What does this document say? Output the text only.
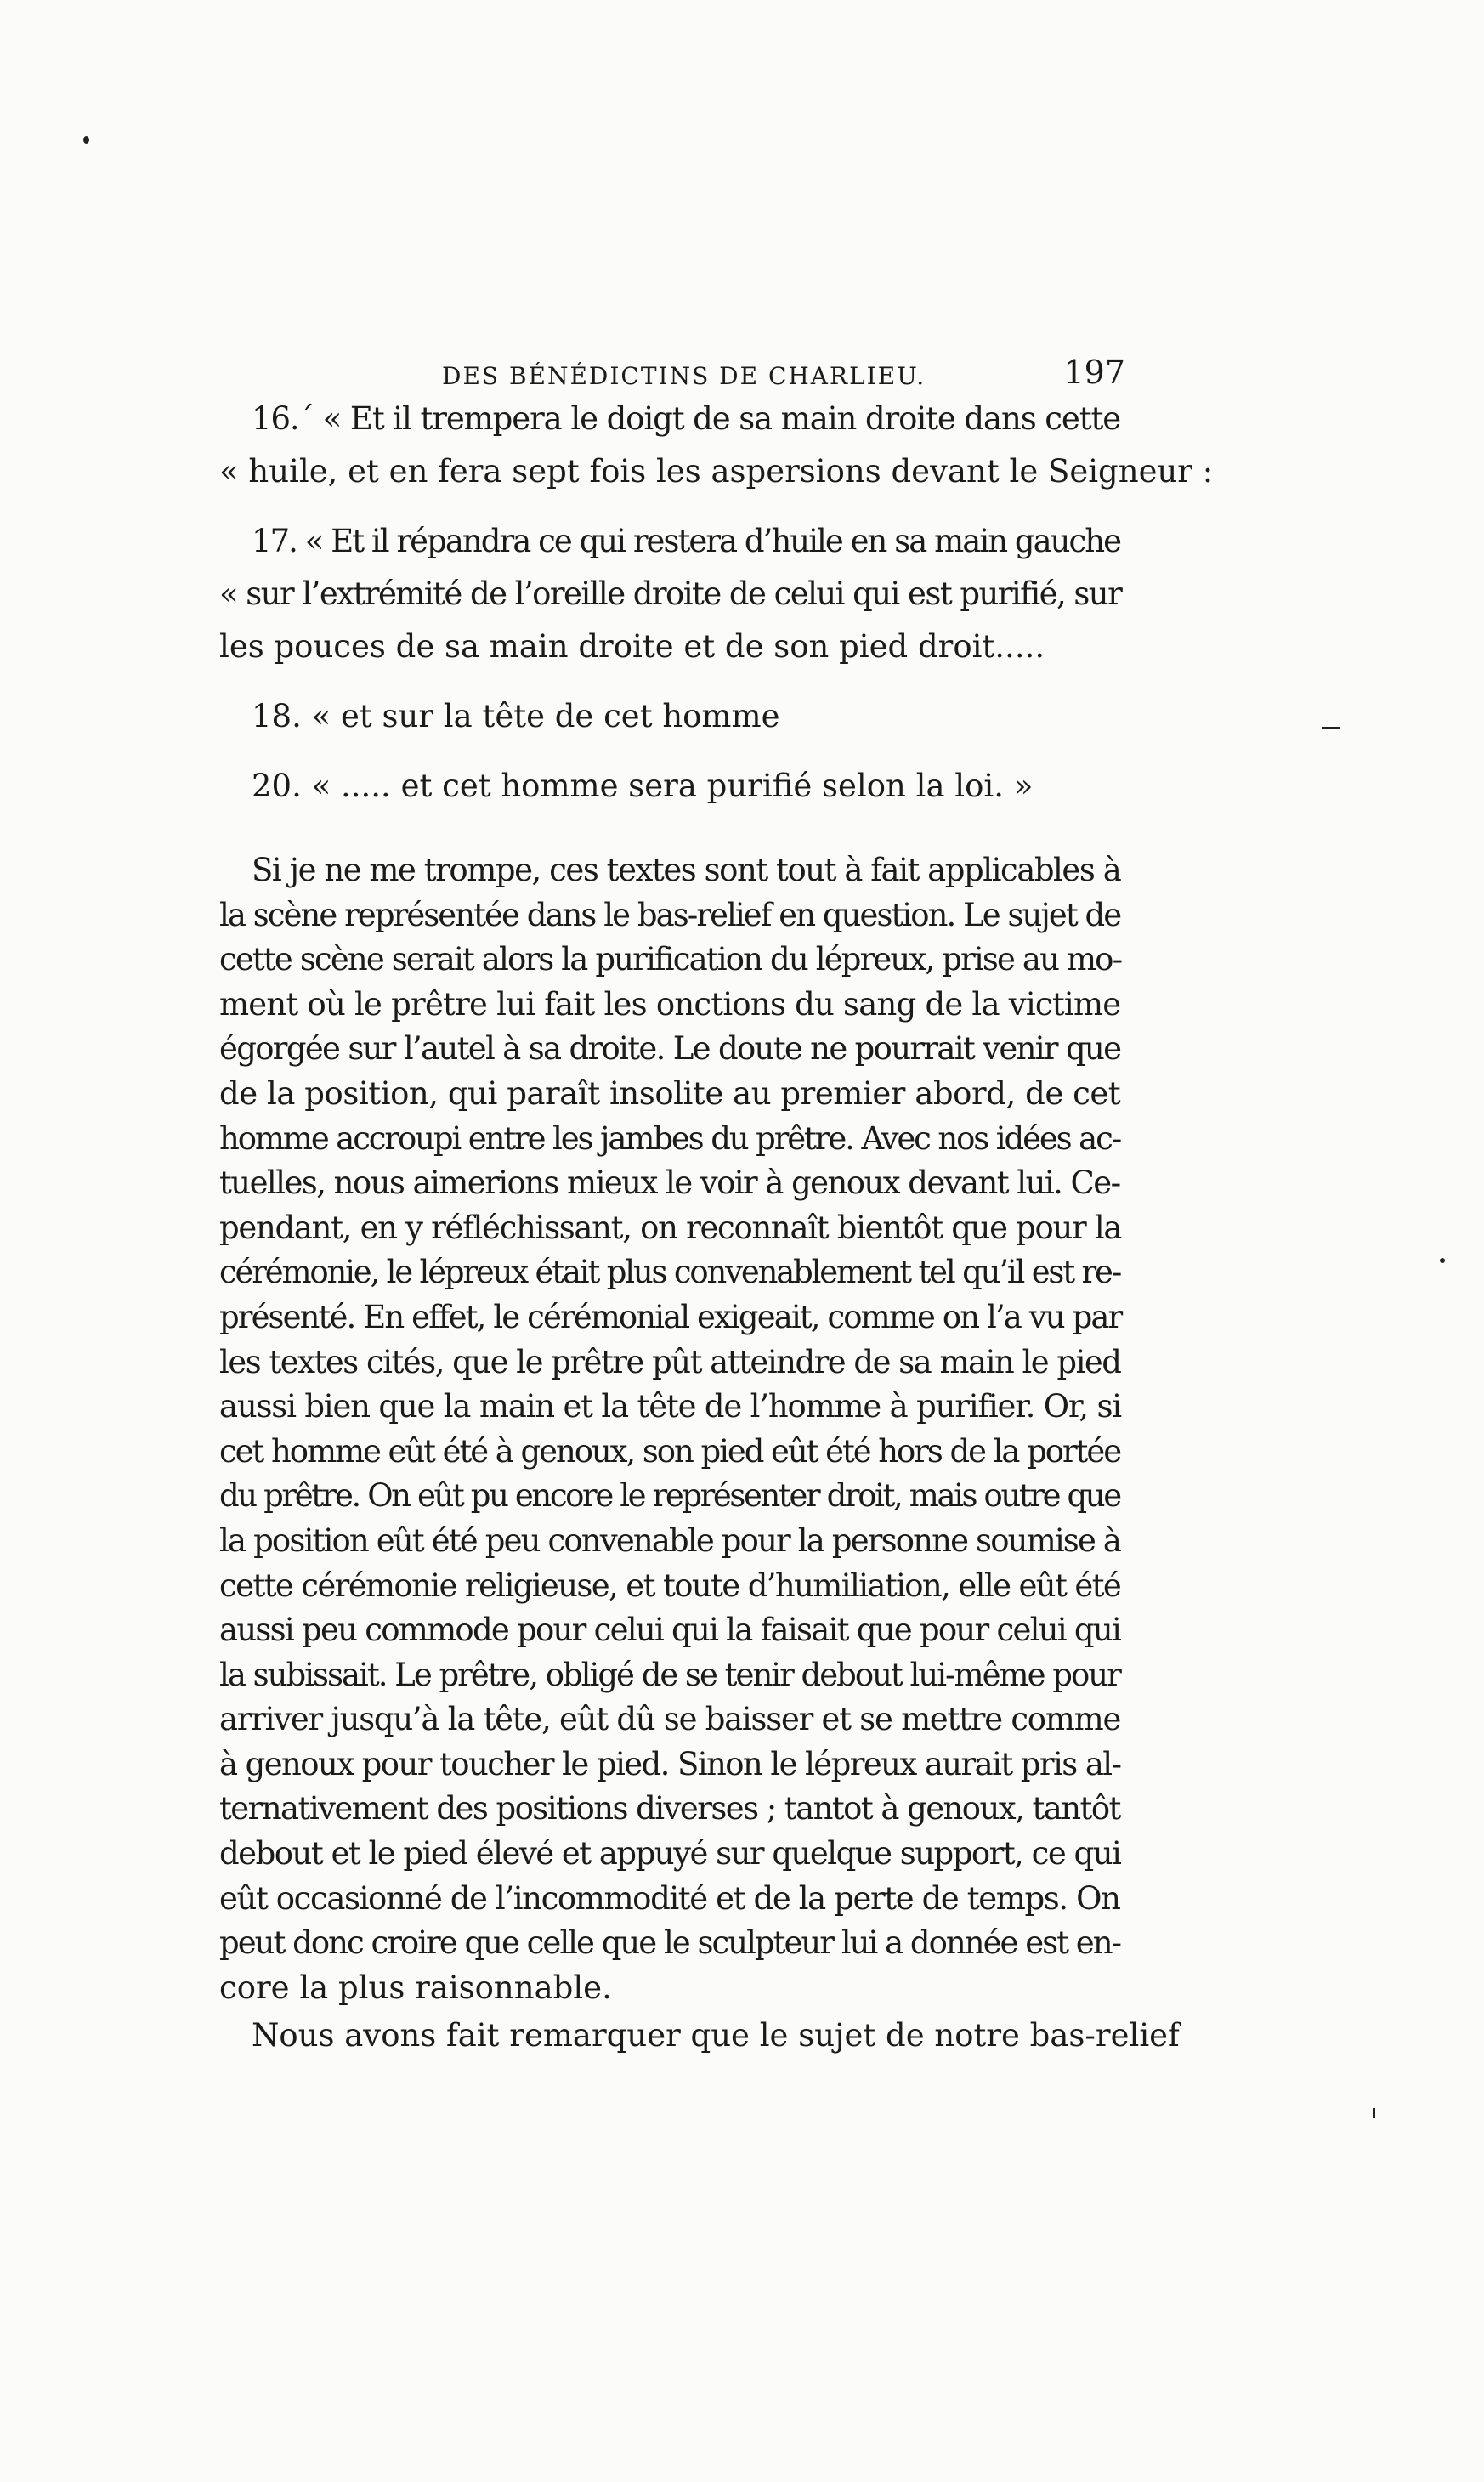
DES BÉNÉDICTINS DE CHARLIEU.	197
16.´ « Et il trempera le doigt de sa main droite dans cette
« huile, et en fera sept fois les aspersions devant le Seigneur :
17. « Et il répandra ce qui restera d’huile en sa main gauche
« sur l’extrémité de l’oreille droite de celui qui est purifié, sur
les pouces de sa main droite et de son pied droit.....
18. « et sur la tête de cet homme
20. « ..... et cet homme sera purifié selon la loi. »
Si je ne me trompe, ces textes sont tout à fait applicables à
la scène représentée dans le bas-relief en question. Le sujet de
cette scène serait alors la purification du lépreux, prise au mo-
ment où le prêtre lui fait les onctions du sang de la victime
égorgée sur l’autel à sa droite. Le doute ne pourrait venir que
de la position, qui paraît insolite au premier abord, de cet
homme accroupi entre les jambes du prêtre. Avec nos idées ac-
tuelles, nous aimerions mieux le voir à genoux devant lui. Ce-
pendant, en y réfléchissant, on reconnaît bientôt que pour la
cérémonie, le lépreux était plus convenablement tel qu’il est re-
présenté. En effet, le cérémonial exigeait, comme on l’a vu par
les textes cités, que le prêtre pût atteindre de sa main le pied
aussi bien que la main et la tête de l’homme à purifier. Or, si
cet homme eût été à genoux, son pied eût été hors de la portée
du prêtre. On eût pu encore le représenter droit, mais outre que
la position eût été peu convenable pour la personne soumise à
cette cérémonie religieuse, et toute d’humiliation, elle eût été
aussi peu commode pour celui qui la faisait que pour celui qui
la subissait. Le prêtre, obligé de se tenir debout lui-même pour
arriver jusqu’à la tête, eût dû se baisser et se mettre comme
à genoux pour toucher le pied. Sinon le lépreux aurait pris al-
ternativement des positions diverses ; tantot à genoux, tantôt
debout et le pied élevé et appuyé sur quelque support, ce qui
eût occasionné de l’incommodité et de la perte de temps. On
peut donc croire que celle que le sculpteur lui a donnée est en-
core la plus raisonnable.
Nous avons fait remarquer que le sujet de notre bas-relief
